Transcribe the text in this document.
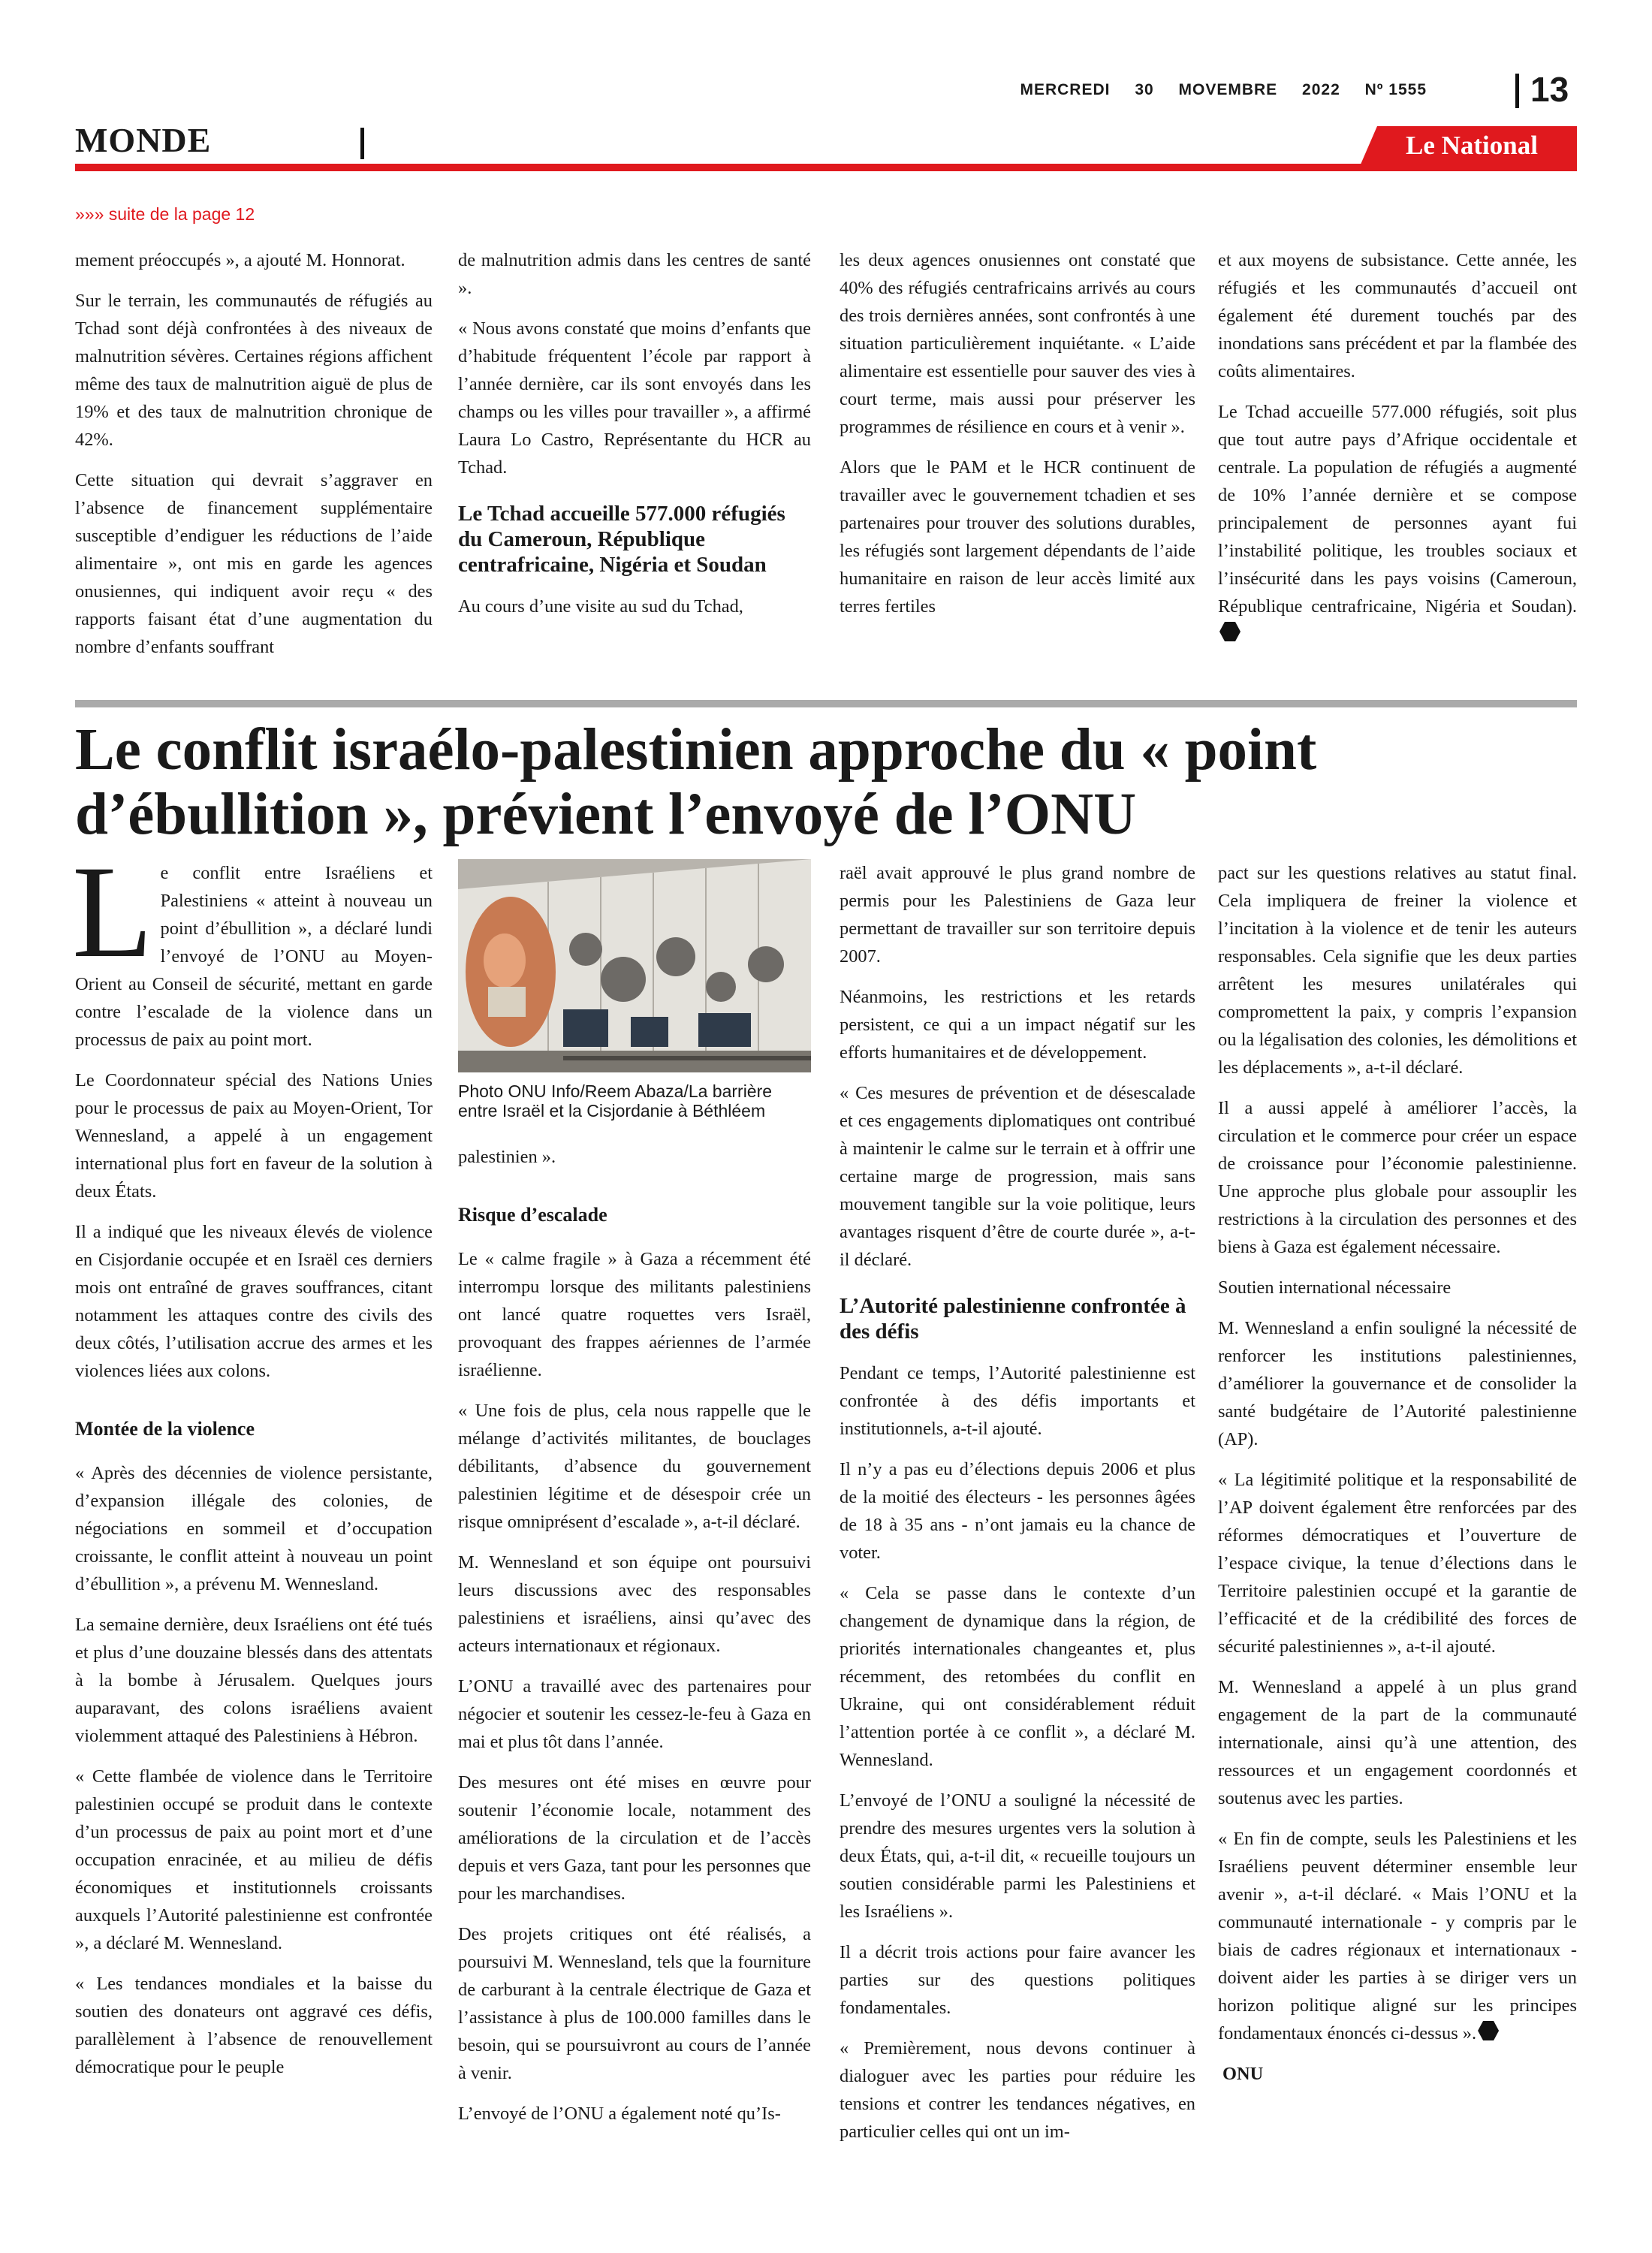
MERCREDI 30 MOVEMBRE 2022 Nº 1555	13
MONDE	Le National
»»» suite de la page 12

mement préoccupés », a ajouté M. Honnorat.

Sur le terrain, les communautés de réfugiés au Tchad sont déjà confrontées à des niveaux de malnutrition sévères. Certaines régions affichent même des taux de malnutrition aiguë de plus de 19% et des taux de malnutrition chronique de 42%.

Cette situation qui devrait s’aggraver en l’absence de financement supplémentaire susceptible d’endiguer les réductions de l’aide alimentaire », ont mis en garde les agences onusiennes, qui indiquent avoir reçu « des rapports faisant état d’une augmentation du nombre d’enfants souffrant

de malnutrition admis dans les centres de santé ».

« Nous avons constaté que moins d’enfants que d’habitude fréquentent l’école par rapport à l’année dernière, car ils sont envoyés dans les champs ou les villes pour travailler », a affirmé Laura Lo Castro, Représentante du HCR au Tchad.

Le Tchad accueille 577.000 réfugiés du Cameroun, République centrafricaine, Nigéria et Soudan

Au cours d’une visite au sud du Tchad,

les deux agences onusiennes ont constaté que 40% des réfugiés centrafricains arrivés au cours des trois dernières années, sont confrontés à une situation particulièrement inquiétante. « L’aide alimentaire est essentielle pour sauver des vies à court terme, mais aussi pour préserver les programmes de résilience en cours et à venir ».

Alors que le PAM et le HCR continuent de travailler avec le gouvernement tchadien et ses partenaires pour trouver des solutions durables, les réfugiés sont largement dépendants de l’aide humanitaire en raison de leur accès limité aux terres fertiles

et aux moyens de subsistance. Cette année, les réfugiés et les communautés d’accueil ont également été durement touchés par des inondations sans précédent et par la flambée des coûts alimentaires.

Le Tchad accueille 577.000 réfugiés, soit plus que tout autre pays d’Afrique occidentale et centrale. La population de réfugiés a augmenté de 10% l’année dernière et se compose principalement de personnes ayant fui l’instabilité politique, les troubles sociaux et l’insécurité dans les pays voisins (Cameroun, République centrafricaine, Nigéria et Soudan).

Le conflit israélo-palestinien approche du « point d’ébullition », prévient l’envoyé de l’ONU

Le conflit entre Israéliens et Palestiniens « atteint à nouveau un point d’ébullition », a déclaré lundi l’envoyé de l’ONU au Moyen-Orient au Conseil de sécurité, mettant en garde contre l’escalade de la violence dans un processus de paix au point mort.

Le Coordonnateur spécial des Nations Unies pour le processus de paix au Moyen-Orient, Tor Wennesland, a appelé à un engagement international plus fort en faveur de la solution à deux États.

Il a indiqué que les niveaux élevés de violence en Cisjordanie occupée et en Israël ces derniers mois ont entraîné de graves souffrances, citant notamment les attaques contre des civils des deux côtés, l’utilisation accrue des armes et les violences liées aux colons.

Montée de la violence

« Après des décennies de violence persistante, d’expansion illégale des colonies, de négociations en sommeil et d’occupation croissante, le conflit atteint à nouveau un point d’ébullition », a prévenu M. Wennesland.

La semaine dernière, deux Israéliens ont été tués et plus d’une douzaine blessés dans des attentats à la bombe à Jérusalem. Quelques jours auparavant, des colons israéliens avaient violemment attaqué des Palestiniens à Hébron.

« Cette flambée de violence dans le Territoire palestinien occupé se produit dans le contexte d’un processus de paix au point mort et d’une occupation enracinée, et au milieu de défis économiques et institutionnels croissants auxquels l’Autorité palestinienne est confrontée », a déclaré M. Wennesland.

« Les tendances mondiales et la baisse du soutien des donateurs ont aggravé ces défis, parallèlement à l’absence de renouvellement démocratique pour le peuple

Photo ONU Info/Reem Abaza/La barrière entre Israël et la Cisjordanie à Béthléem

palestinien ».

Risque d’escalade

Le « calme fragile » à Gaza a récemment été interrompu lorsque des militants palestiniens ont lancé quatre roquettes vers Israël, provoquant des frappes aériennes de l’armée israélienne.

« Une fois de plus, cela nous rappelle que le mélange d’activités militantes, de bouclages débilitants, d’absence du gouvernement palestinien légitime et de désespoir crée un risque omniprésent d’escalade », a-t-il déclaré.

M. Wennesland et son équipe ont poursuivi leurs discussions avec des responsables palestiniens et israéliens, ainsi qu’avec des acteurs internationaux et régionaux.

L’ONU a travaillé avec des partenaires pour négocier et soutenir les cessez-le-feu à Gaza en mai et plus tôt dans l’année.

Des mesures ont été mises en œuvre pour soutenir l’économie locale, notamment des améliorations de la circulation et de l’accès depuis et vers Gaza, tant pour les personnes que pour les marchandises.

Des projets critiques ont été réalisés, a poursuivi M. Wennesland, tels que la fourniture de carburant à la centrale électrique de Gaza et l’assistance à plus de 100.000 familles dans le besoin, qui se poursuivront au cours de l’année à venir.

L’envoyé de l’ONU a également noté qu’Is-

raël avait approuvé le plus grand nombre de permis pour les Palestiniens de Gaza leur permettant de travailler sur son territoire depuis 2007.

Néanmoins, les restrictions et les retards persistent, ce qui a un impact négatif sur les efforts humanitaires et de développement.

« Ces mesures de prévention et de désescalade et ces engagements diplomatiques ont contribué à maintenir le calme sur le terrain et à offrir une certaine marge de progression, mais sans mouvement tangible sur la voie politique, leurs avantages risquent d’être de courte durée », a-t-il déclaré.

L’Autorité palestinienne confrontée à des défis

Pendant ce temps, l’Autorité palestinienne est confrontée à des défis importants et institutionnels, a-t-il ajouté.

Il n’y a pas eu d’élections depuis 2006 et plus de la moitié des électeurs - les personnes âgées de 18 à 35 ans - n’ont jamais eu la chance de voter.

« Cela se passe dans le contexte d’un changement de dynamique dans la région, de priorités internationales changeantes et, plus récemment, des retombées du conflit en Ukraine, qui ont considérablement réduit l’attention portée à ce conflit », a déclaré M. Wennesland.

L’envoyé de l’ONU a souligné la nécessité de prendre des mesures urgentes vers la solution à deux États, qui, a-t-il dit, « recueille toujours un soutien considérable parmi les Palestiniens et les Israéliens ».

Il a décrit trois actions pour faire avancer les parties sur des questions politiques fondamentales.

« Premièrement, nous devons continuer à dialoguer avec les parties pour réduire les tensions et contrer les tendances négatives, en particulier celles qui ont un im-

pact sur les questions relatives au statut final. Cela impliquera de freiner la violence et l’incitation à la violence et de tenir les auteurs responsables. Cela signifie que les deux parties arrêtent les mesures unilatérales qui compromettent la paix, y compris l’expansion ou la légalisation des colonies, les démolitions et les déplacements », a-t-il déclaré.

Il a aussi appelé à améliorer l’accès, la circulation et le commerce pour créer un espace de croissance pour l’économie palestinienne. Une approche plus globale pour assouplir les restrictions à la circulation des personnes et des biens à Gaza est également nécessaire.

Soutien international nécessaire

M. Wennesland a enfin souligné la nécessité de renforcer les institutions palestiniennes, d’améliorer la gouvernance et de consolider la santé budgétaire de l’Autorité palestinienne (AP).

« La légitimité politique et la responsabilité de l’AP doivent également être renforcées par des réformes démocratiques et l’ouverture de l’espace civique, la tenue d’élections dans le Territoire palestinien occupé et la garantie de l’efficacité et de la crédibilité des forces de sécurité palestiniennes », a-t-il ajouté.

M. Wennesland a appelé à un plus grand engagement de la part de la communauté internationale, ainsi qu’à une attention, des ressources et un engagement coordonnés et soutenus avec les parties.

« En fin de compte, seuls les Palestiniens et les Israéliens peuvent déterminer ensemble leur avenir », a-t-il déclaré. « Mais l’ONU et la communauté internationale - y compris par le biais de cadres régionaux et internationaux - doivent aider les parties à se diriger vers un horizon politique aligné sur les principes fondamentaux énoncés ci-dessus ».

ONU
